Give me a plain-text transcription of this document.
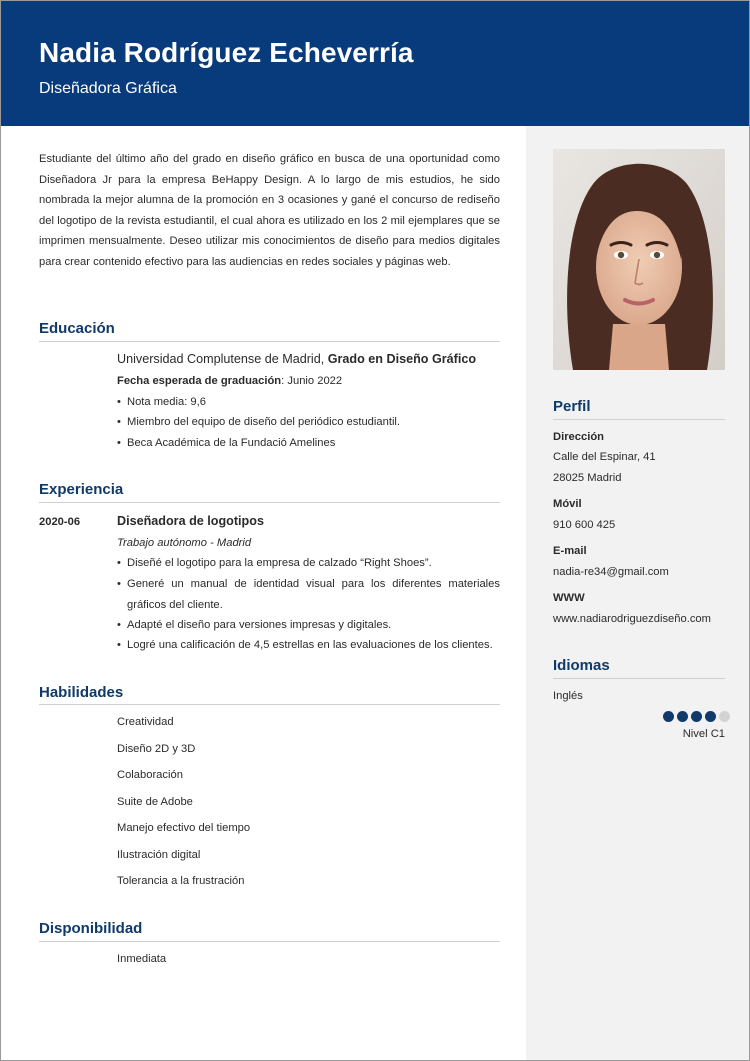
Nadia Rodríguez Echeverría
Diseñadora Gráfica
Estudiante del último año del grado en diseño gráfico en busca de una oportunidad como Diseñadora Jr para la empresa BeHappy Design. A lo largo de mis estudios, he sido nombrada la mejor alumna de la promoción en 3 ocasiones y gané el concurso de rediseño del logotipo de la revista estudiantil, el cual ahora es utilizado en los 2 mil ejemplares que se imprimen mensualmente. Deseo utilizar mis conocimientos de diseño para medios digitales para crear contenido efectivo para las audiencias en redes sociales y páginas web.
Educación
Universidad Complutense de Madrid, Grado en Diseño Gráfico
Fecha esperada de graduación: Junio 2022
• Nota media: 9,6
• Miembro del equipo de diseño del periódico estudiantil.
• Beca Académica de la Fundació Amelines
Experiencia
2020-06	Diseñadora de logotipos
Trabajo autónomo - Madrid
• Diseñé el logotipo para la empresa de calzado “Right Shoes”.
• Generé un manual de identidad visual para los diferentes materiales gráficos del cliente.
• Adapté el diseño para versiones impresas y digitales.
• Logré una calificación de 4,5 estrellas en las evaluaciones de los clientes.
Habilidades
Creatividad
Diseño 2D y 3D
Colaboración
Suite de Adobe
Manejo efectivo del tiempo
Ilustración digital
Tolerancia a la frustración
Disponibilidad
Inmediata
Perfil
Dirección
Calle del Espinar, 41
28025 Madrid
Móvil
910 600 425
E-mail
nadia-re34@gmail.com
WWW
www.nadiarodriguezdiseño.com
Idiomas
Inglés
Nivel C1
